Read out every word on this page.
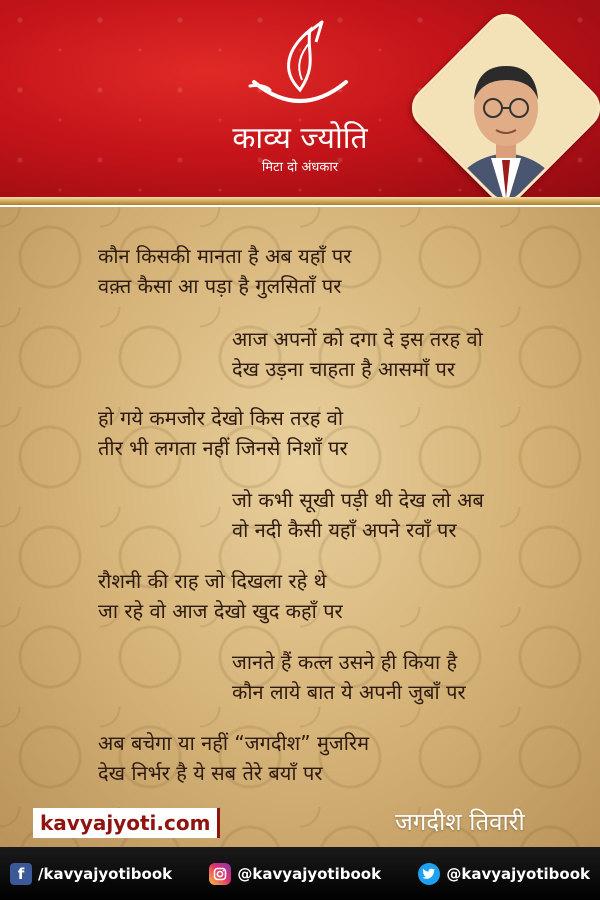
काव्य ज्योति
मिटा दो अंधकार
कौन किसकी मानता है अब यहाँ पर
वक़्त कैसा आ पड़ा है गुलसिताँ पर
आज अपनों को दगा दे इस तरह वो
देख उड़ना चाहता है आसमाँ पर
हो गये कमजोर देखो किस तरह वो
तीर भी लगता नहीं जिनसे निशाँ पर
जो कभी सूखी पड़ी थी देख लो अब
वो नदी कैसी यहाँ अपने रवाँ पर
रौशनी की राह जो दिखला रहे थे
जा रहे वो आज देखो खुद कहाँ पर
जानते हैं कत्ल उसने ही किया है
कौन लाये बात ये अपनी जुबाँ पर
अब बचेगा या नहीं “जगदीश” मुजरिम
देख निर्भर है ये सब तेरे बयाँ पर
kavyajyoti.com	जगदीश तिवारी
f /kavyajyotibook	@kavyajyotibook	@kavyajyotibook
